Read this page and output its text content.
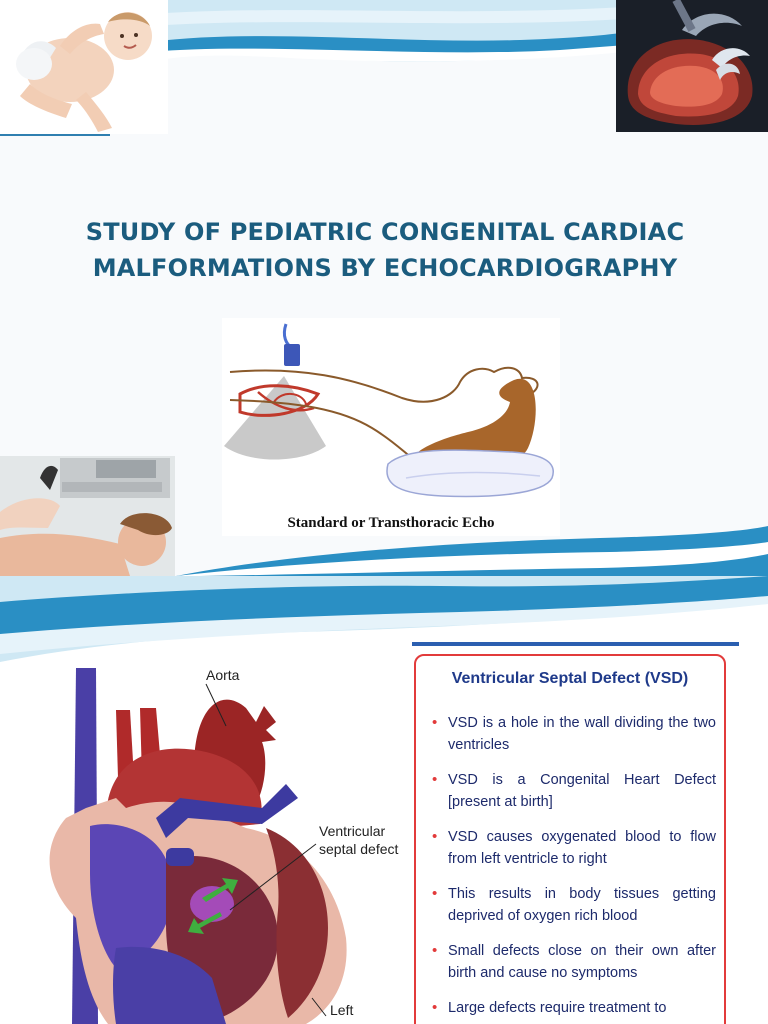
STUDY OF PEDIATRIC CONGENITAL CARDIAC
MALFORMATIONS BY ECHOCARDIOGRAPHY
Standard or Transthoracic Echo
Aorta
Ventricular septal defect
Left
Ventricular Septal Defect (VSD)
• VSD is a hole in the wall dividing the two ventricles
• VSD is a Congenital Heart Defect [present at birth]
• VSD causes oxygenated blood to flow from left ventricle to right
• This results in body tissues getting deprived of oxygen rich blood
• Small defects close on their own after birth and cause no symptoms
• Large defects require treatment to
